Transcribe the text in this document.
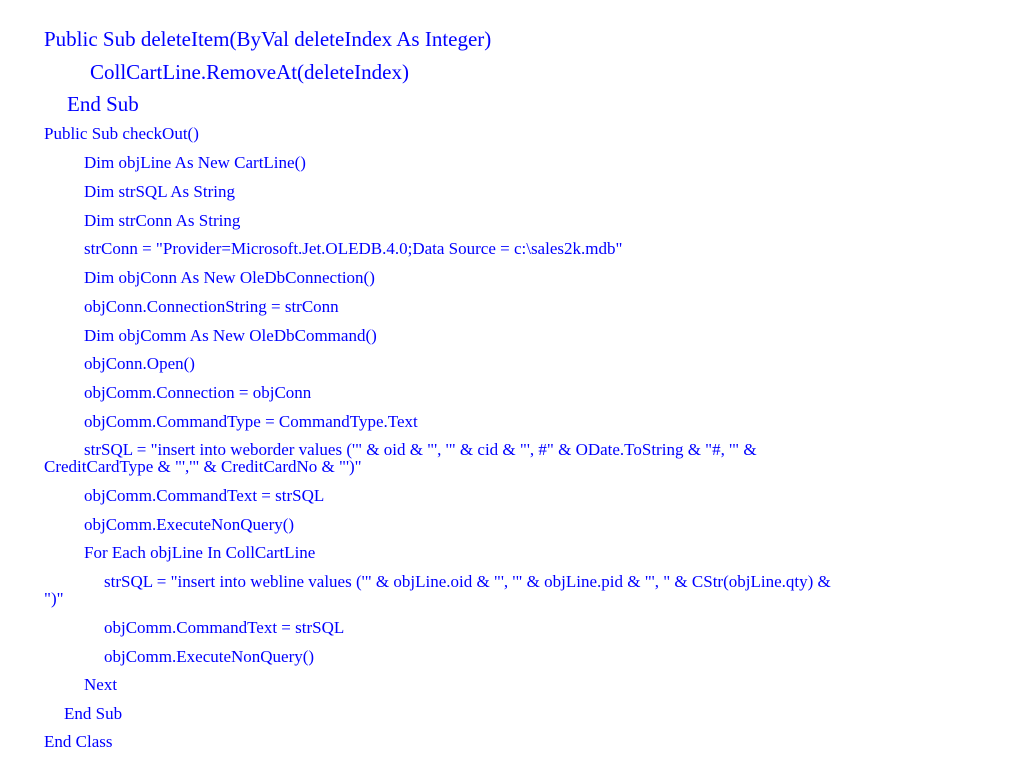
Public Sub deleteItem(ByVal deleteIndex As Integer)

CollCartLine.RemoveAt(deleteIndex)

End Sub

Public Sub checkOut()

Dim objLine As New CartLine()

Dim strSQL As String

Dim strConn As String

strConn = "Provider=Microsoft.Jet.OLEDB.4.0;Data Source = c:\sales2k.mdb"

Dim objConn As New OleDbConnection()

objConn.ConnectionString = strConn

Dim objComm As New OleDbCommand()

objConn.Open()

objComm.Connection = objConn

objComm.CommandType = CommandType.Text

strSQL = "insert into weborder values ('" & oid & "', '" & cid & "', #" & ODate.ToString & "#, '" &

CreditCardType & "','" & CreditCardNo & "')"

objComm.CommandText = strSQL

objComm.ExecuteNonQuery()

For Each objLine In CollCartLine

strSQL = "insert into webline values ('" & objLine.oid & "', '" & objLine.pid & "', " & CStr(objLine.qty) &

")"

objComm.CommandText = strSQL

objComm.ExecuteNonQuery()

Next

End Sub

End Class
